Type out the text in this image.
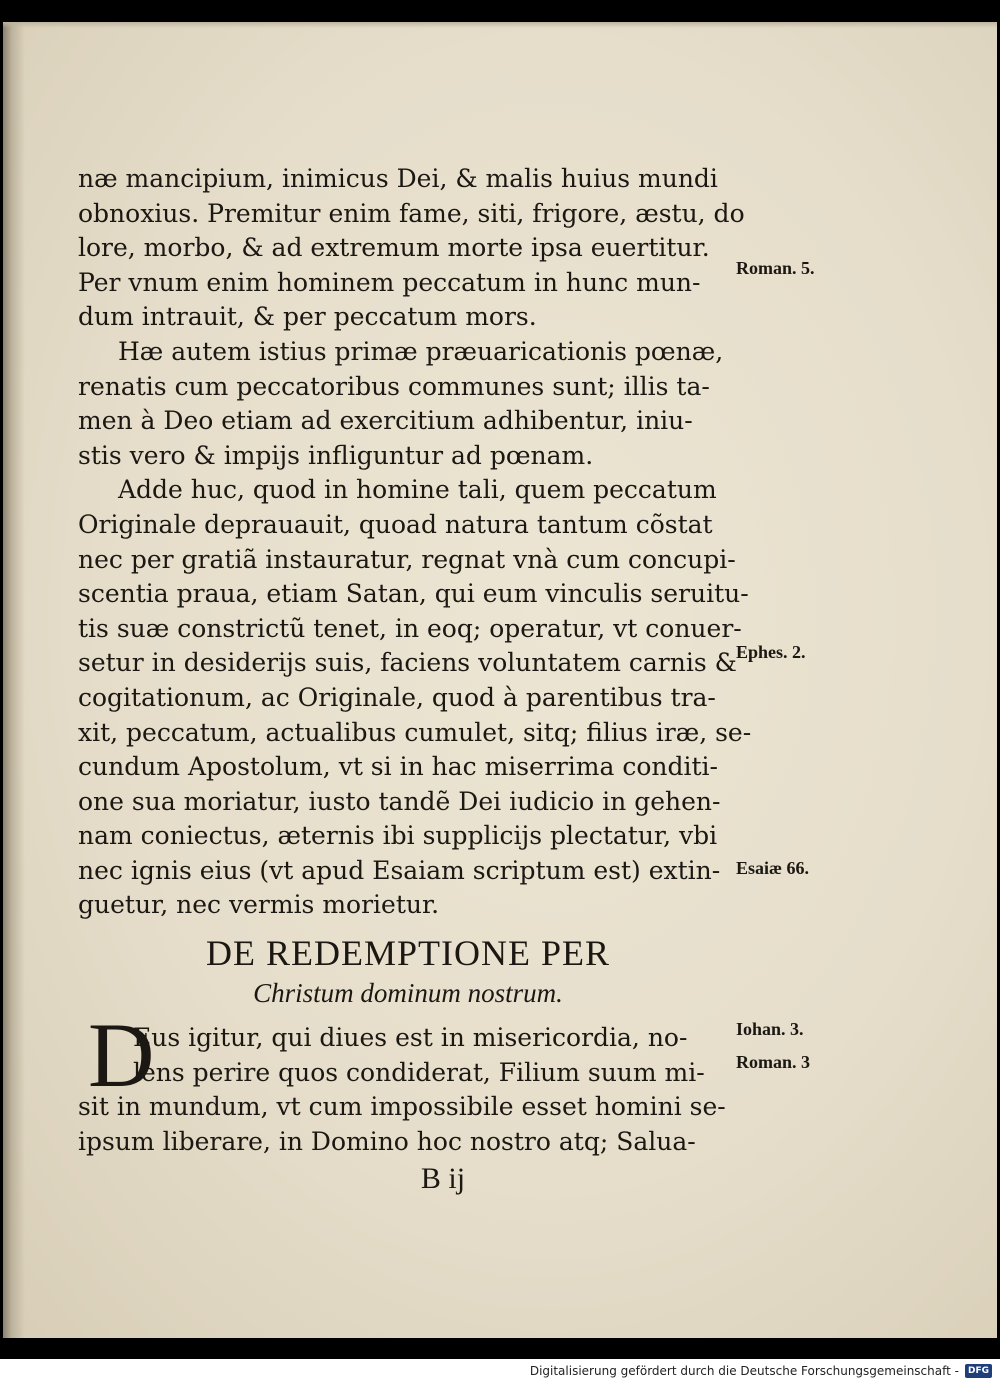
næ mancipium, inimicus Dei, & malis huius mundi
obnoxius. Premitur enim fame, siti, frigore, æstu, do
lore, morbo, & ad extremum morte ipsa euertitur.
Per vnum enim hominem peccatum in hunc mun-
dum intrauit, & per peccatum mors.
Hæ autem istius primæ præuaricationis pœnæ,
renatis cum peccatoribus communes sunt; illis ta-
men à Deo etiam ad exercitium adhibentur, iniu-
stis vero & impijs infliguntur ad pœnam.
Adde huc, quod in homine tali, quem peccatum
Originale deprauauit, quoad natura tantum cõstat
nec per gratiã instauratur, regnat vnà cum concupi-
scentia praua, etiam Satan, qui eum vinculis seruitu-
tis suæ constrictũ tenet, in eoq; operatur, vt conuer-
setur in desiderijs suis, faciens voluntatem carnis &
cogitationum, ac Originale, quod à parentibus tra-
xit, peccatum, actualibus cumulet, sitq; filius iræ, se-
cundum Apostolum, vt si in hac miserrima conditi-
one sua moriatur, iusto tandẽ Dei iudicio in gehen-
nam coniectus, æternis ibi supplicijs plectatur, vbi
nec ignis eius (vt apud Esaiam scriptum est) extin-
guetur, nec vermis morietur.
DE REDEMPTIONE PER
Christum dominum nostrum.
D
Eus igitur, qui diues est in misericordia, no-
lens perire quos condiderat, Filium suum mi-
sit in mundum, vt cum impossibile esset homini se-
ipsum liberare, in Domino hoc nostro atq; Salua-
B ij
Roman. 5.
Ephes. 2.
Esaiæ 66.
Iohan. 3.
Roman. 3
Digitalisierung gefördert durch die Deutsche Forschungsgemeinschaft -	DFG
